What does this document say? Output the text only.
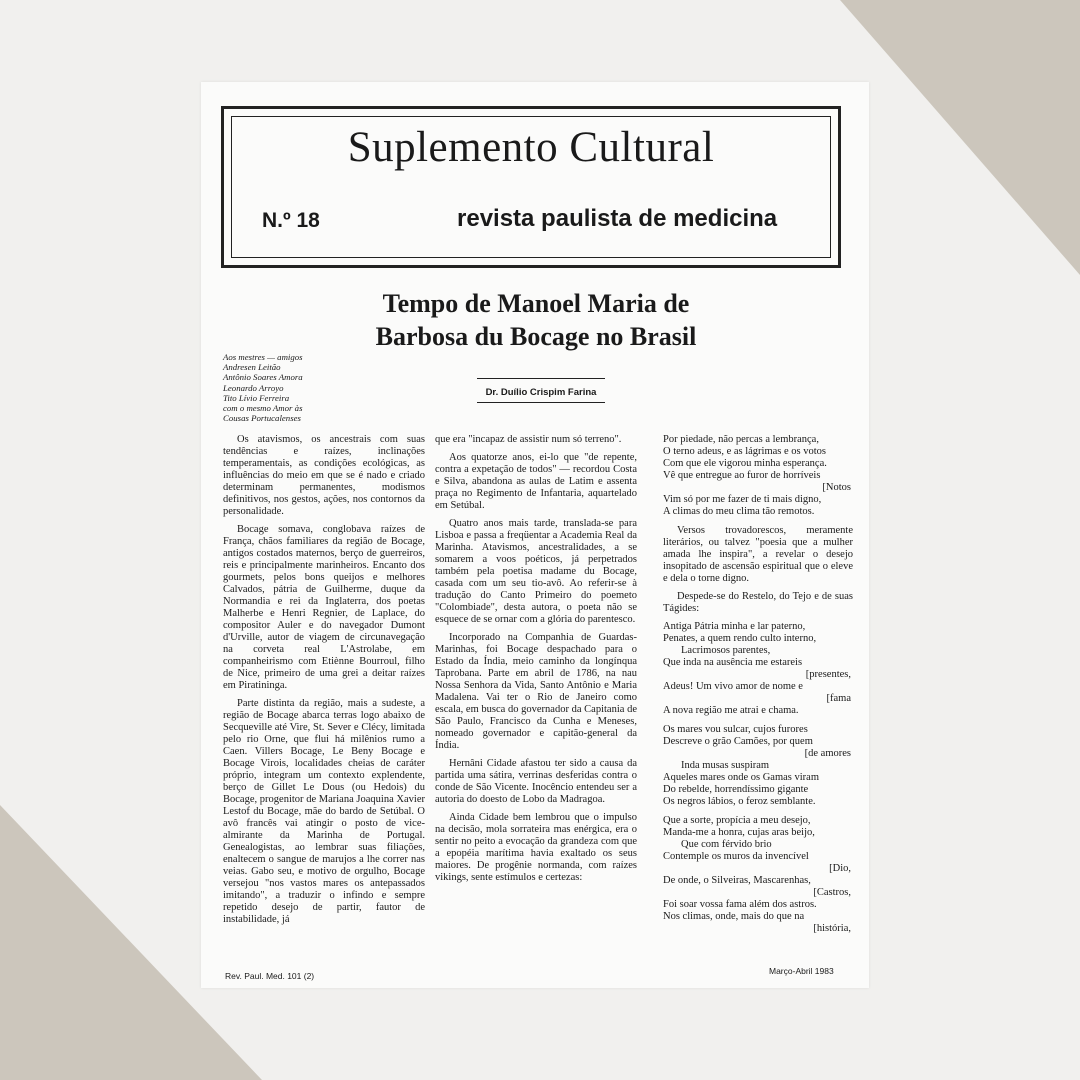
Suplemento Cultural
N.º 18	revista paulista de medicina
Tempo de Manoel Maria de
Barbosa du Bocage no Brasil
Aos mestres — amigos
Andresen Leitão
Antônio Soares Amora
Leonardo Arroyo
Tito Lívio Ferreira
com o mesmo Amor às
Cousas Portucalenses
Dr. Duílio Crispim Farina

Os atavismos, os ancestrais com suas tendências e raízes, inclinações temperamentais, as condições ecológicas, as influências do meio em que se é nado e criado determinam permanentes, modismos definitivos, nos gestos, ações, nos contornos da personalidade.

Bocage somava, conglobava raízes de França, chãos familiares da região de Bocage, antigos costados maternos, berço de guerreiros, reis e principalmente marinheiros. Encanto dos gourmets, pelos bons queijos e melhores Calvados, pátria de Guilherme, duque da Normandia e rei da Inglaterra, dos poetas Malherbe e Henri Regnier, de Laplace, do compositor Auler e do navegador Dumont d'Urville, autor de viagem de circunavegação na corveta real L'Astrolabe, em companheirismo com Etiènne Bourroul, filho de Nice, primeiro de uma grei a deitar raízes em Piratininga.

Parte distinta da região, mais a sudeste, a região de Bocage abarca terras logo abaixo de Secqueville até Vire, St. Sever e Clécy, limitada pelo rio Orne, que flui há milênios rumo a Caen. Villers Bocage, Le Beny Bocage e Bocage Virois, localidades cheias de caráter próprio, integram um contexto explendente, berço de Gillet Le Dous (ou Hedois) du Bocage, progenitor de Mariana Joaquina Xavier Lestof du Bocage, mãe do bardo de Setúbal. O avô francês vai atingir o posto de vice-almirante da Marinha de Portugal. Genealogistas, ao lembrar suas filiações, enaltecem o sangue de marujos a lhe correr nas veias. Gabo seu, e motivo de orgulho, Bocage versejou "nos vastos mares os antepassados imitando", a traduzir o infindo e sempre repetido desejo de partir, fautor de instabilidade, já

que era "incapaz de assistir num só terreno".

Aos quatorze anos, ei-lo que "de repente, contra a expetação de todos" — recordou Costa e Silva, abandona as aulas de Latim e assenta praça no Regimento de Infantaria, aquartelado em Setúbal.

Quatro anos mais tarde, translada-se para Lisboa e passa a freqüentar a Academia Real da Marinha. Atavismos, ancestralidades, a se somarem a voos poéticos, já perpetrados também pela poetisa madame du Bocage, casada com um seu tio-avô. Ao referir-se à tradução do Canto Primeiro do poemeto "Colombiade", desta autora, o poeta não se esquece de se ornar com a glória do parentesco.

Incorporado na Companhia de Guardas-Marinhas, foi Bocage despachado para o Estado da Índia, meio caminho da longínqua Taprobana. Parte em abril de 1786, na nau Nossa Senhora da Vida, Santo Antônio e Maria Madalena. Vai ter o Rio de Janeiro como escala, em busca do governador da Capitania de São Paulo, Francisco da Cunha e Meneses, nomeado governador e capitão-general da Índia.

Hernâni Cidade afastou ter sido a causa da partida uma sátira, verrinas desferidas contra o conde de São Vicente. Inocêncio entendeu ser a autoria do doesto de Lobo da Madragoa.

Ainda Cidade bem lembrou que o impulso na decisão, mola sorrateira mas enérgica, era o sentir no peito a evocação da grandeza com que a epopéia marítima havia exaltado os seus maiores. De progênie normanda, com raízes vikings, sente estímulos e certezas:

Por piedade, não percas a lembrança,
O terno adeus, e as lágrimas e os votos
Com que ele vigorou minha esperança.
Vê que entregue ao furor de horríveis
[Notos
Vim só por me fazer de ti mais digno,
A climas do meu clima tão remotos.

Versos trovadorescos, meramente literários, ou talvez "poesia que a mulher amada lhe inspira", a revelar o desejo insopitado de ascensão espiritual que o eleve e dela o torne digno.

Despede-se do Restelo, do Tejo e de suas Tágides:

Antiga Pátria minha e lar paterno,
Penates, a quem rendo culto interno,
Lacrimosos parentes,
Que inda na ausência me estareis
[presentes,
Adeus! Um vivo amor de nome e
[fama
A nova região me atrai e chama.
Os mares vou sulcar, cujos furores
Descreve o grão Camões, por quem
[de amores
Inda musas suspiram
Aqueles mares onde os Gamas viram
Do rebelde, horrendíssimo gigante
Os negros lábios, o feroz semblante.
Que a sorte, propícia a meu desejo,
Manda-me a honra, cujas aras beijo,
Que com férvido brio
Contemple os muros da invencível
[Dio,
De onde, o Silveiras, Mascarenhas,
[Castros,
Foi soar vossa fama além dos astros.
Nos climas, onde, mais do que na
[história,
Rev. Paul. Med. 101 (2)	Março-Abril 1983
